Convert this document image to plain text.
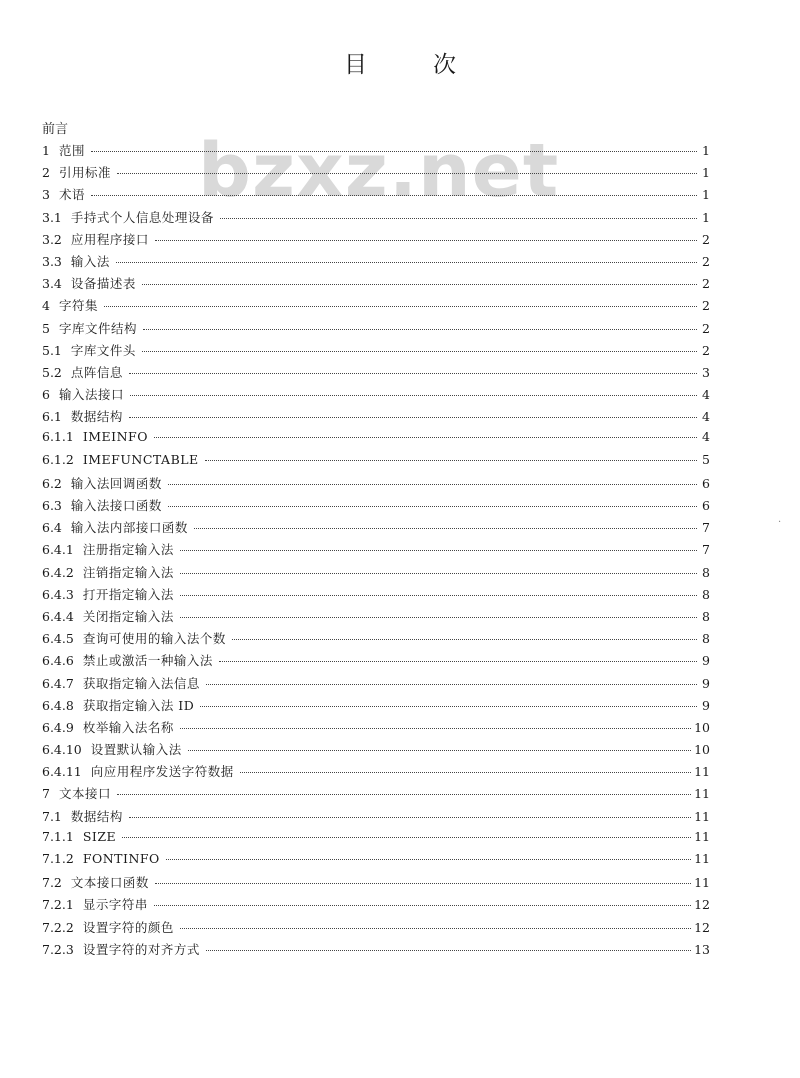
目	次
bzxz.net
前言
1 范围	1
2 引用标准	1
3 术语	1
3.1 手持式个人信息处理设备	1
3.2 应用程序接口	2
3.3 输入法	2
3.4 设备描述表	2
4 字符集	2
5 字库文件结构	2
5.1 字库文件头	2
5.2 点阵信息	3
6 输入法接口	4
6.1 数据结构	4
6.1.1 IMEINFO	4
6.1.2 IMEFUNCTABLE	5
6.2 输入法回调函数	6
6.3 输入法接口函数	6
6.4 输入法内部接口函数	7
6.4.1 注册指定输入法	7
6.4.2 注销指定输入法	8
6.4.3 打开指定输入法	8
6.4.4 关闭指定输入法	8
6.4.5 查询可使用的输入法个数	8
6.4.6 禁止或激活一种输入法	9
6.4.7 获取指定输入法信息	9
6.4.8 获取指定输入法 ID	9
6.4.9 枚举输入法名称	10
6.4.10 设置默认输入法	10
6.4.11 向应用程序发送字符数据	11
7 文本接口	11
7.1 数据结构	11
7.1.1 SIZE	11
7.1.2 FONTINFO	11
7.2 文本接口函数	11
7.2.1 显示字符串	12
7.2.2 设置字符的颜色	12
7.2.3 设置字符的对齐方式	13
·
